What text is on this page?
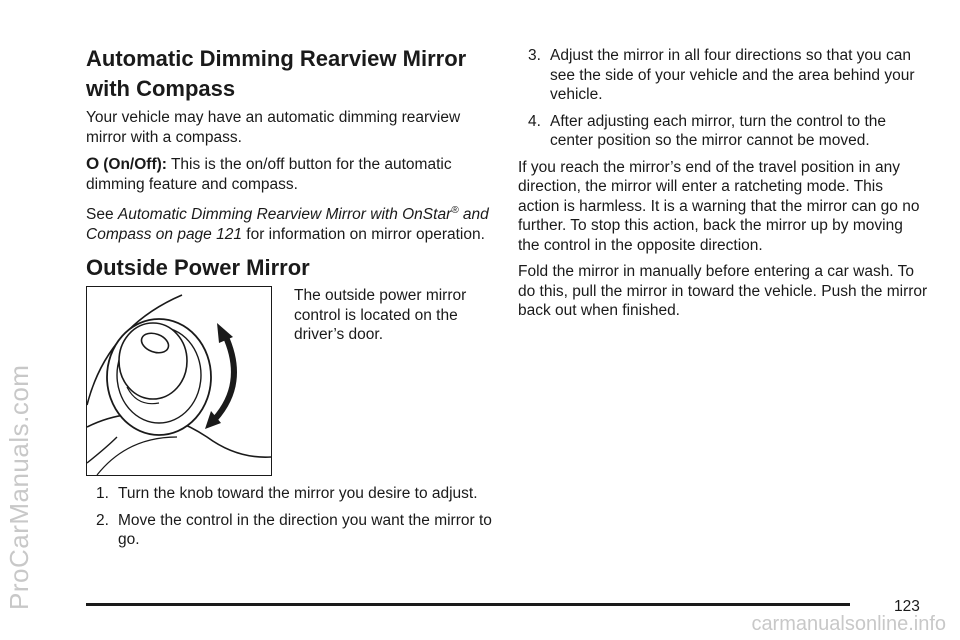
ProCarManuals.com
carmanualsonline.info
Automatic Dimming Rearview Mirror with Compass

Your vehicle may have an automatic dimming rearview mirror with a compass.

O (On/Off): This is the on/off button for the automatic dimming feature and compass.

See Automatic Dimming Rearview Mirror with OnStar® and Compass on page 121 for information on mirror operation.

Outside Power Mirror
The outside power mirror control is located on the driver’s door.
1. Turn the knob toward the mirror you desire to adjust.
2. Move the control in the direction you want the mirror to go.
3. Adjust the mirror in all four directions so that you can see the side of your vehicle and the area behind your vehicle.
4. After adjusting each mirror, turn the control to the center position so the mirror cannot be moved.

If you reach the mirror’s end of the travel position in any direction, the mirror will enter a ratcheting mode. This action is harmless. It is a warning that the mirror can go no further. To stop this action, back the mirror up by moving the control in the opposite direction.

Fold the mirror in manually before entering a car wash. To do this, pull the mirror in toward the vehicle. Push the mirror back out when finished.

123
